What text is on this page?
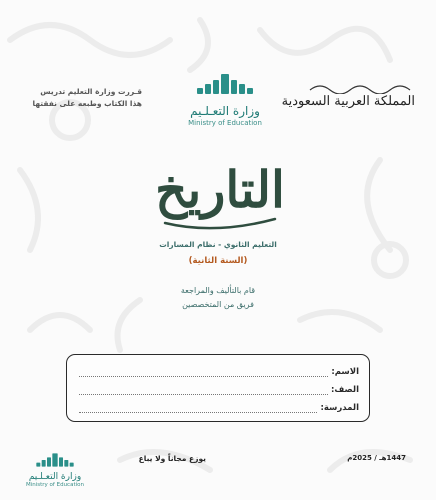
المملكة العربية السعودية
وزارة التعـلـيم
Ministry of Education
قـررت وزارة التعليم تدريس
هذا الكتاب وطبعه على نفقتها
التاريخ
التعليم الثانوي - نظام المسارات
(السنة الثانية)
قام بالتأليف والمراجعة
فريق من المتخصصين
الاسم:
الصف:
المدرسة:
وزارة التعـلـيم
Ministry of Education
يوزع مجاناً ولا يباع	1447هـ / 2025م
